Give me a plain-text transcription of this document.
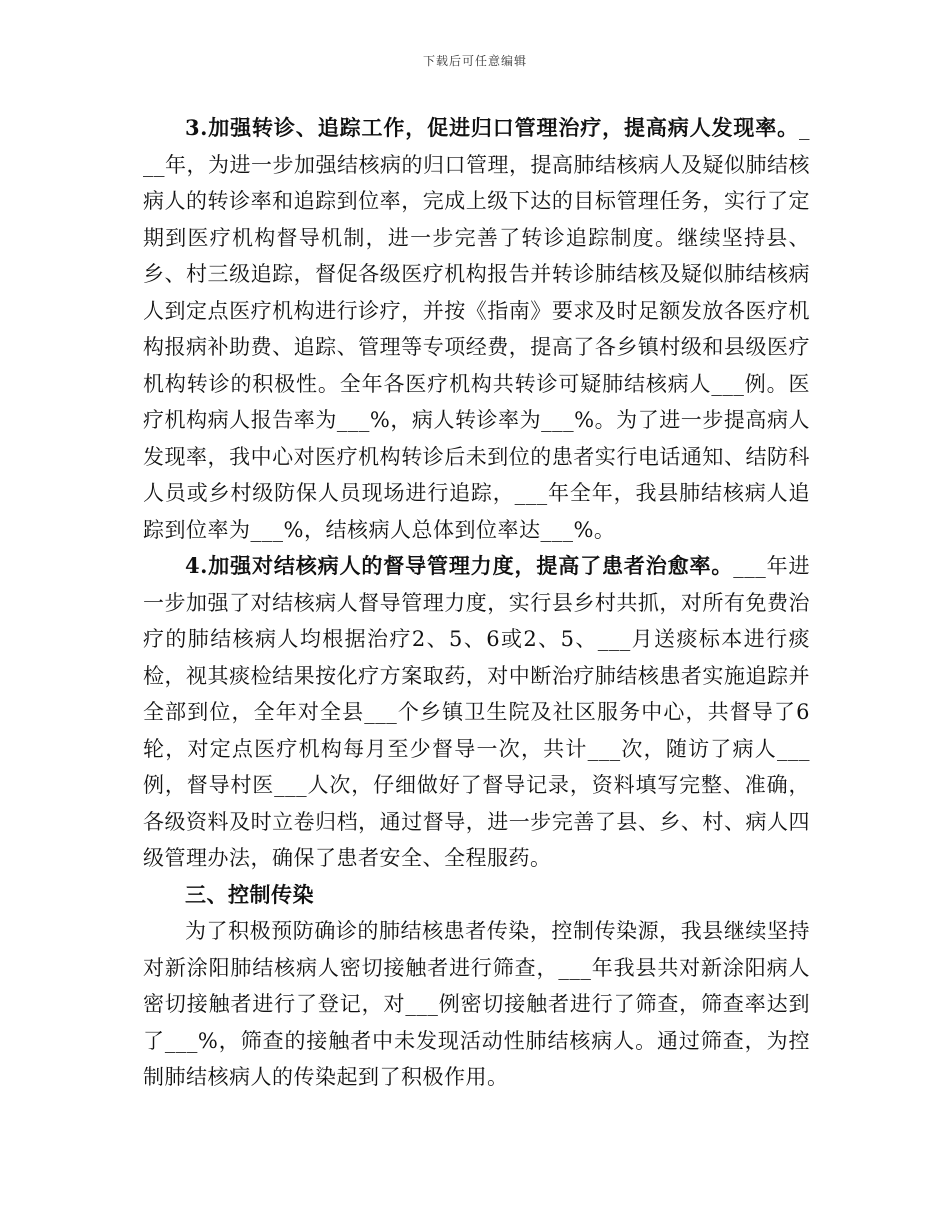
下载后可任意编辑

3.加强转诊、追踪工作，促进归口管理治疗，提高病人发现率。___年，为进一步加强结核病的归口管理，提高肺结核病人及疑似肺结核病人的转诊率和追踪到位率，完成上级下达的目标管理任务，实行了定期到医疗机构督导机制，进一步完善了转诊追踪制度。继续坚持县、乡、村三级追踪，督促各级医疗机构报告并转诊肺结核及疑似肺结核病人到定点医疗机构进行诊疗，并按《指南》要求及时足额发放各医疗机构报病补助费、追踪、管理等专项经费，提高了各乡镇村级和县级医疗机构转诊的积极性。全年各医疗机构共转诊可疑肺结核病人___例。医疗机构病人报告率为___%，病人转诊率为___%。为了进一步提高病人发现率，我中心对医疗机构转诊后未到位的患者实行电话通知、结防科人员或乡村级防保人员现场进行追踪，___年全年，我县肺结核病人追踪到位率为___%，结核病人总体到位率达___%。

4.加强对结核病人的督导管理力度，提高了患者治愈率。___年进一步加强了对结核病人督导管理力度，实行县乡村共抓，对所有免费治疗的肺结核病人均根据治疗2、5、6或2、5、___月送痰标本进行痰检，视其痰检结果按化疗方案取药，对中断治疗肺结核患者实施追踪并全部到位，全年对全县___个乡镇卫生院及社区服务中心，共督导了6轮，对定点医疗机构每月至少督导一次，共计___次，随访了病人___例，督导村医___人次，仔细做好了督导记录，资料填写完整、准确，各级资料及时立卷归档，通过督导，进一步完善了县、乡、村、病人四级管理办法，确保了患者安全、全程服药。

三、控制传染

为了积极预防确诊的肺结核患者传染，控制传染源，我县继续坚持对新涂阳肺结核病人密切接触者进行筛查，___年我县共对新涂阳病人密切接触者进行了登记，对___例密切接触者进行了筛查，筛查率达到了___%，筛查的接触者中未发现活动性肺结核病人。通过筛查，为控制肺结核病人的传染起到了积极作用。
